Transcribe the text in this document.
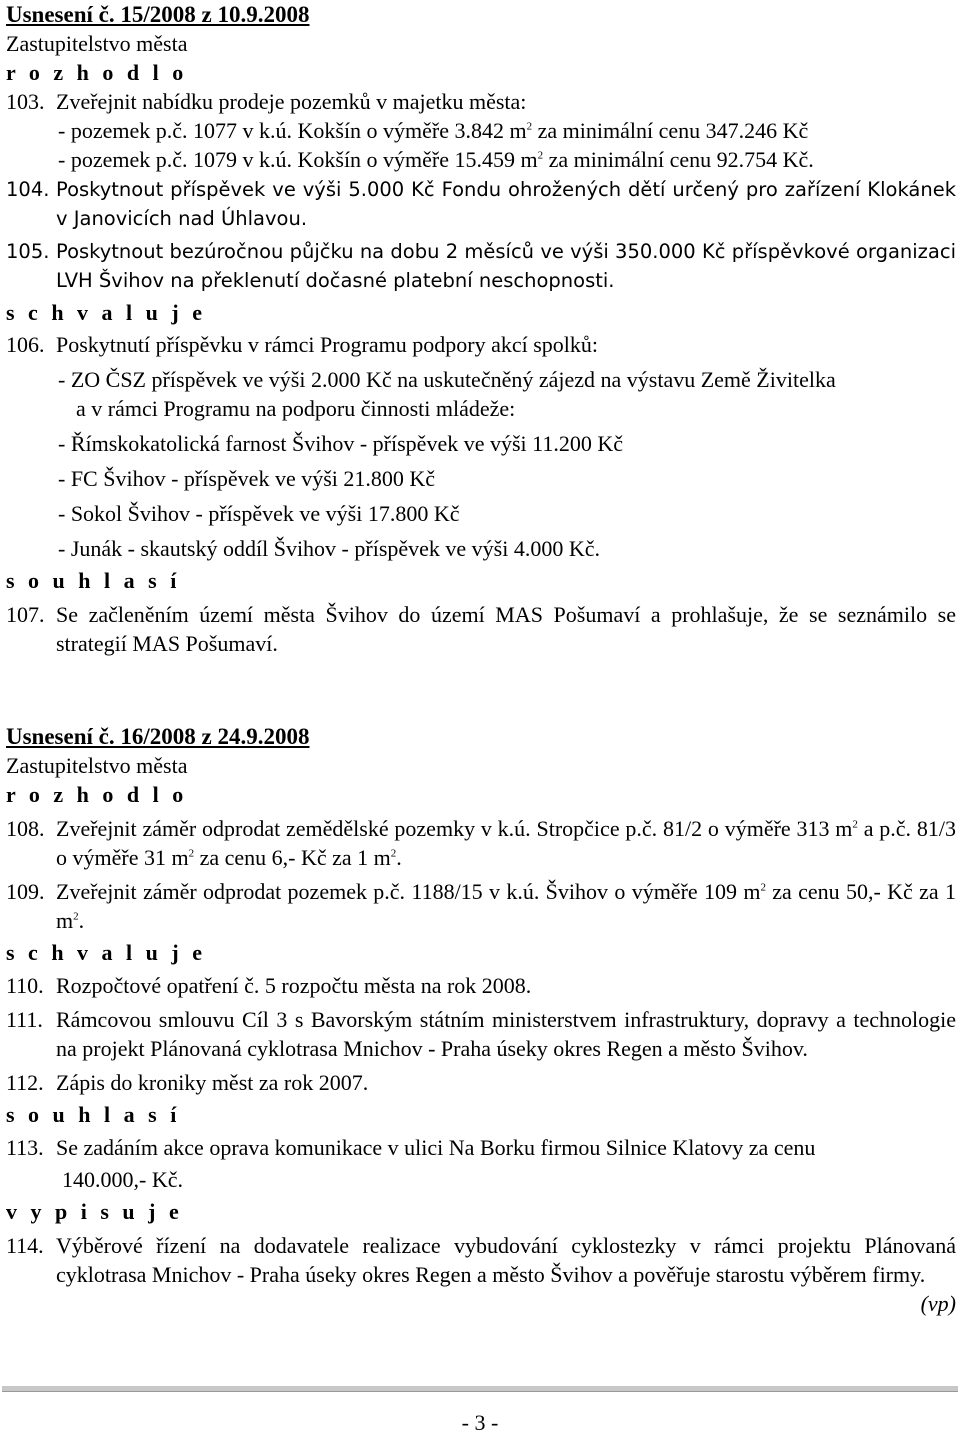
Usnesení č. 15/2008 z 10.9.2008
Zastupitelstvo města
r o z h o d l o
103. Zveřejnit nabídku prodeje pozemků v majetku města:
- pozemek p.č. 1077 v k.ú. Kokšín o výměře 3.842 $m^2$ za minimální cenu 347.246 Kč
- pozemek p.č. 1079 v k.ú. Kokšín o výměře 15.459 $m^2$ za minimální cenu 92.754 Kč.
104. Poskytnout příspěvek ve výši 5.000 Kč Fondu ohrožených dětí určený pro zařízení Klokánek v Janovicích nad Úhlavou.
105. Poskytnout bezúročnou půjčku na dobu 2 měsíců ve výši 350.000 Kč příspěvkové organizaci LVH Švihov na překlenutí dočasné platební neschopnosti.
s c h v a l u j e
106. Poskytnutí příspěvku v rámci Programu podpory akcí spolků:
- ZO ČSZ příspěvek ve výši 2.000 Kč na uskutečněný zájezd na výstavu Země Živitelka
a v rámci Programu na podporu činnosti mládeže:
- Římskokatolická farnost Švihov - příspěvek ve výši 11.200 Kč
- FC Švihov - příspěvek ve výši 21.800 Kč
- Sokol Švihov - příspěvek ve výši 17.800 Kč
- Junák - skautský oddíl Švihov - příspěvek ve výši 4.000 Kč.
s o u h l a s í
107. Se začleněním území města Švihov do území MAS Pošumaví a prohlašuje, že se seznámilo se strategií MAS Pošumaví.
Usnesení č. 16/2008 z 24.9.2008
Zastupitelstvo města
r o z h o d l o
108. Zveřejnit záměr odprodat zemědělské pozemky v k.ú. Stropčice p.č. 81/2 o výměře 313 $m^2$ a p.č. 81/3 o výměře 31 $m^2$ za cenu 6,- Kč za 1 $m^2$.
109. Zveřejnit záměr odprodat pozemek p.č. 1188/15 v k.ú. Švihov o výměře 109 $m^2$ za cenu 50,- Kč za 1 $m^2$.
s c h v a l u j e
110. Rozpočtové opatření č. 5 rozpočtu města na rok 2008.
111. Rámcovou smlouvu Cíl 3 s Bavorským státním ministerstvem infrastruktury, dopravy a technologie na projekt Plánovaná cyklotrasa Mnichov - Praha úseky okres Regen a město Švihov.
112. Zápis do kroniky měst za rok 2007.
s o u h l a s í
113. Se zadáním akce oprava komunikace v ulici Na Borku firmou Silnice Klatovy za cenu
140.000,- Kč.
v y p i s u j e
114. Výběrové řízení na dodavatele realizace vybudování cyklostezky v rámci projektu Plánovaná cyklotrasa Mnichov - Praha úseky okres Regen a město Švihov a pověřuje starostu výběrem firmy.
(vp)
- 3 -
